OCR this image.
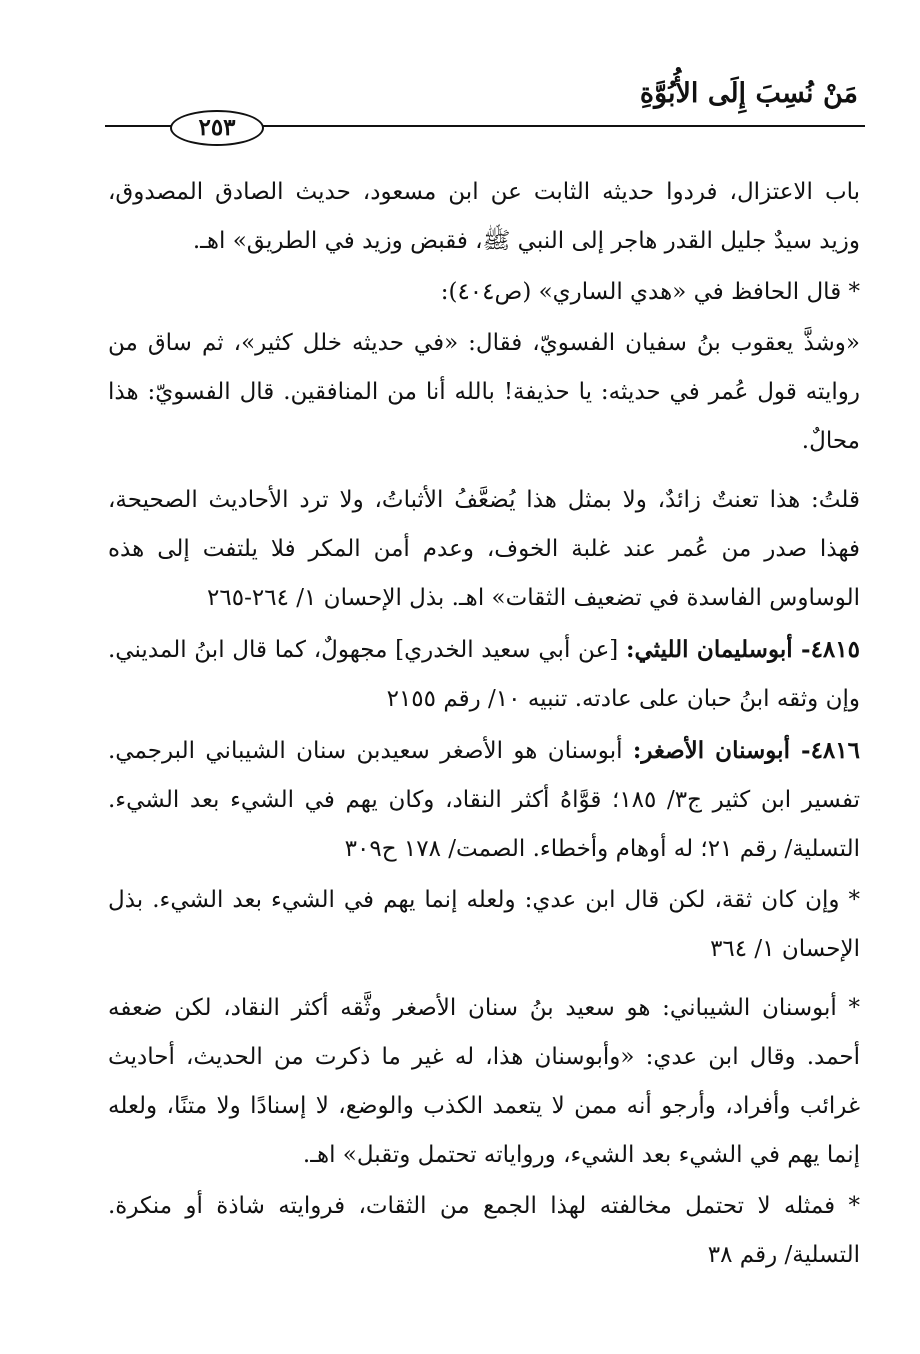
مَنْ نُسِبَ إِلَى الأُبُوَّةِ
٢٥٣

باب الاعتزال، فردوا حديثه الثابت عن ابن مسعود، حديث الصادق المصدوق، وزيد سيدٌ جليل القدر هاجر إلى النبي ﷺ، فقبض وزيد في الطريق» اهـ.

* قال الحافظ في «هدي الساري» (ص٤٠٤):

«وشذَّ يعقوب بنُ سفيان الفسويّ، فقال: «في حديثه خلل كثير»، ثم ساق من روايته قول عُمر في حديثه: يا حذيفة! بالله أنا من المنافقين. قال الفسويّ: هذا محالٌ.

قلتُ: هذا تعنتٌ زائدٌ، ولا بمثل هذا يُضعَّفُ الأثباتُ، ولا ترد الأحاديث الصحيحة، فهذا صدر من عُمر عند غلبة الخوف، وعدم أمن المكر فلا يلتفت إلى هذه الوساوس الفاسدة في تضعيف الثقات» اهـ. بذل الإحسان ١/ ٢٦٤-٢٦٥

٤٨١٥- أبوسليمان الليثي: [عن أبي سعيد الخدري] مجهولٌ، كما قال ابنُ المديني. وإن وثقه ابنُ حبان على عادته. تنبيه ١٠/ رقم ٢١٥٥

٤٨١٦- أبوسنان الأصغر: أبوسنان هو الأصغر سعيدبن سنان الشيباني البرجمي. تفسير ابن كثير ج٣/ ١٨٥؛ قوَّاهُ أكثر النقاد، وكان يهم في الشيء بعد الشيء. التسلية/ رقم ٢١؛ له أوهام وأخطاء. الصمت/ ١٧٨ ح٣٠٩

* وإن كان ثقة، لكن قال ابن عدي: ولعله إنما يهم في الشيء بعد الشيء. بذل الإحسان ١/ ٣٦٤

* أبوسنان الشيباني: هو سعيد بنُ سنان الأصغر وثَّقه أكثر النقاد، لكن ضعفه أحمد. وقال ابن عدي: «وأبوسنان هذا، له غير ما ذكرت من الحديث، أحاديث غرائب وأفراد، وأرجو أنه ممن لا يتعمد الكذب والوضع، لا إسنادًا ولا متنًا، ولعله إنما يهم في الشيء بعد الشيء، ورواياته تحتمل وتقبل» اهـ.

* فمثله لا تحتمل مخالفته لهذا الجمع من الثقات، فروايته شاذة أو منكرة. التسلية/ رقم ٣٨
